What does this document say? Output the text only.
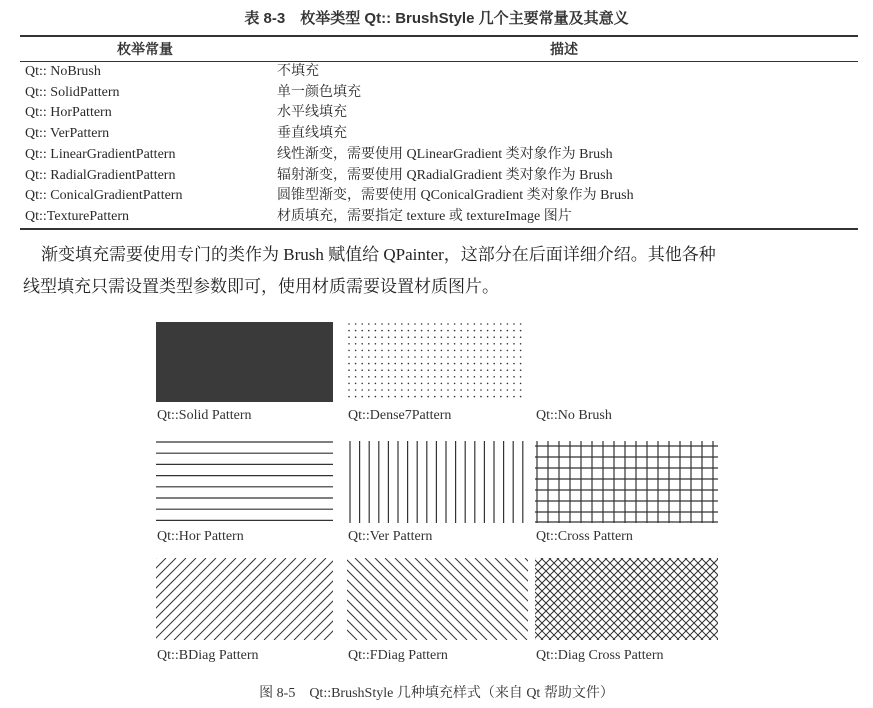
表 8-3　枚举类型 Qt:: BrushStyle 几个主要常量及其意义
枚举常量	描述
Qt:: NoBrush	不填充
Qt:: SolidPattern	单一颜色填充
Qt:: HorPattern	水平线填充
Qt:: VerPattern	垂直线填充
Qt:: LinearGradientPattern	线性渐变，需要使用 QLinearGradient 类对象作为 Brush
Qt:: RadialGradientPattern	辐射渐变，需要使用 QRadialGradient 类对象作为 Brush
Qt:: ConicalGradientPattern	圆锥型渐变，需要使用 QConicalGradient 类对象作为 Brush
Qt::TexturePattern	材质填充，需要指定 texture 或 textureImage 图片
渐变填充需要使用专门的类作为 Brush 赋值给 QPainter，这部分在后面详细介绍。其他各种
线型填充只需设置类型参数即可，使用材质需要设置材质图片。
Qt::Solid Pattern	Qt::Dense7Pattern	Qt::No Brush
Qt::Hor Pattern	Qt::Ver Pattern	Qt::Cross Pattern
Qt::BDiag Pattern	Qt::FDiag Pattern	Qt::Diag Cross Pattern
图 8-5　Qt::BrushStyle 几种填充样式（来自 Qt 帮助文件）
